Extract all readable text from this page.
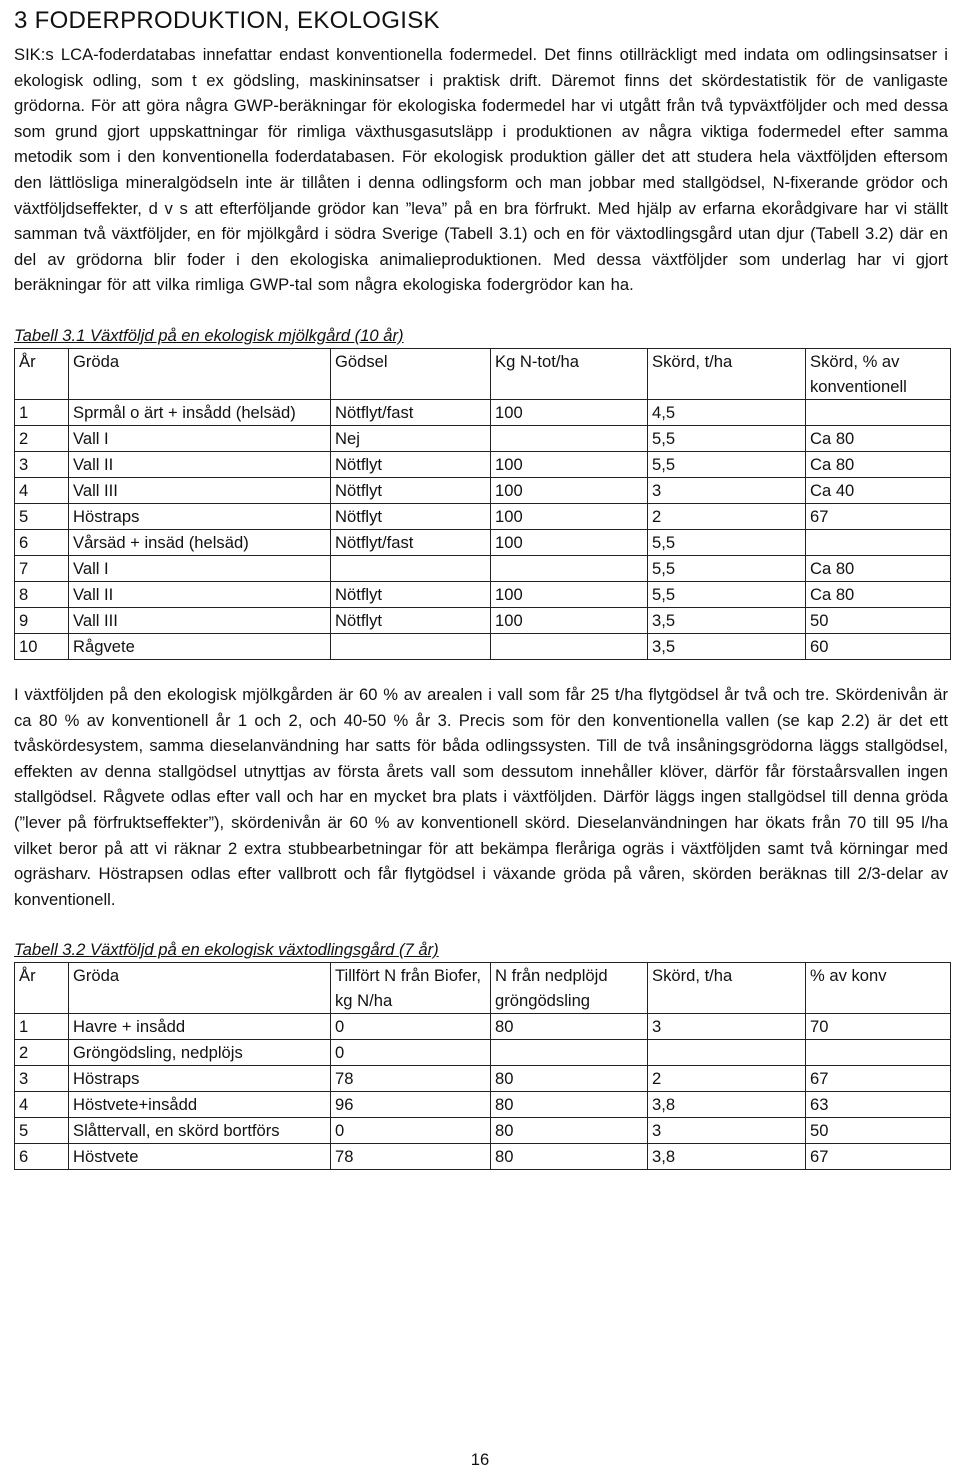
3 FODERPRODUKTION, EKOLOGISK

SIK:s LCA-foderdatabas innefattar endast konventionella fodermedel. Det finns otillräckligt med indata om odlingsinsatser i ekologisk odling, som t ex gödsling, maskininsatser i praktisk drift. Däremot finns det skördestatistik för de vanligaste grödorna. För att göra några GWP-beräkningar för ekologiska fodermedel har vi utgått från två typväxtföljder och med dessa som grund gjort uppskattningar för rimliga växthusgasutsläpp i produktionen av några viktiga fodermedel efter samma metodik som i den konventionella foderdatabasen. För ekologisk produktion gäller det att studera hela växtföljden eftersom den lättlösliga mineralgödseln inte är tillåten i denna odlingsform och man jobbar med stallgödsel, N-fixerande grödor och växtföljdseffekter, d v s att efterföljande grödor kan ”leva” på en bra förfrukt. Med hjälp av erfarna ekorådgivare har vi ställt samman två växtföljder, en för mjölkgård i södra Sverige (Tabell 3.1) och en för växtodlingsgård utan djur (Tabell 3.2) där en del av grödorna blir foder i den ekologiska animalieproduktionen. Med dessa växtföljder som underlag har vi gjort beräkningar för att vilka rimliga GWP-tal som några ekologiska fodergrödor kan ha.

Tabell 3.1 Växtföljd på en ekologisk mjölkgård (10 år)

År	Gröda	Gödsel	Kg N-tot/ha	Skörd, t/ha	Skörd, % av konventionell
1	Sprmål o ärt + insådd (helsäd)	Nötflyt/fast	100	4,5	
2	Vall I	Nej		5,5	Ca 80
3	Vall II	Nötflyt	100	5,5	Ca 80
4	Vall III	Nötflyt	100	3	Ca 40
5	Höstraps	Nötflyt	100	2	67
6	Vårsäd + insäd (helsäd)	Nötflyt/fast	100	5,5	
7	Vall I			5,5	Ca 80
8	Vall II	Nötflyt	100	5,5	Ca 80
9	Vall III	Nötflyt	100	3,5	50
10	Rågvete			3,5	60

I växtföljden på den ekologisk mjölkgården är 60 % av arealen i vall som får 25 t/ha flytgödsel år två och tre. Skördenivån är ca 80 % av konventionell år 1 och 2, och 40-50 % år 3. Precis som för den konventionella vallen (se kap 2.2) är det ett tvåskördesystem, samma dieselanvändning har satts för båda odlingssysten. Till de två insåningsgrödorna läggs stallgödsel, effekten av denna stallgödsel utnyttjas av första årets vall som dessutom innehåller klöver, därför får förstaårsvallen ingen stallgödsel. Rågvete odlas efter vall och har en mycket bra plats i växtföljden. Därför läggs ingen stallgödsel till denna gröda (”lever på förfruktseffekter”), skördenivån är 60 % av konventionell skörd. Dieselanvändningen har ökats från 70 till 95 l/ha vilket beror på att vi räknar 2 extra stubbearbetningar för att bekämpa fleråriga ogräs i växtföljden samt två körningar med ogräsharv. Höstrapsen odlas efter vallbrott och får flytgödsel i växande gröda på våren, skörden beräknas till 2/3-delar av konventionell.

Tabell 3.2 Växtföljd på en ekologisk växtodlingsgård (7 år)

År	Gröda	Tillfört N från Biofer, kg N/ha	N från nedplöjd gröngödsling	Skörd, t/ha	% av konv
1	Havre + insådd	0	80	3	70
2	Gröngödsling, nedplöjs	0			
3	Höstraps	78	80	2	67
4	Höstvete+insådd	96	80	3,8	63
5	Slåttervall, en skörd bortförs	0	80	3	50
6	Höstvete	78	80	3,8	67
16
